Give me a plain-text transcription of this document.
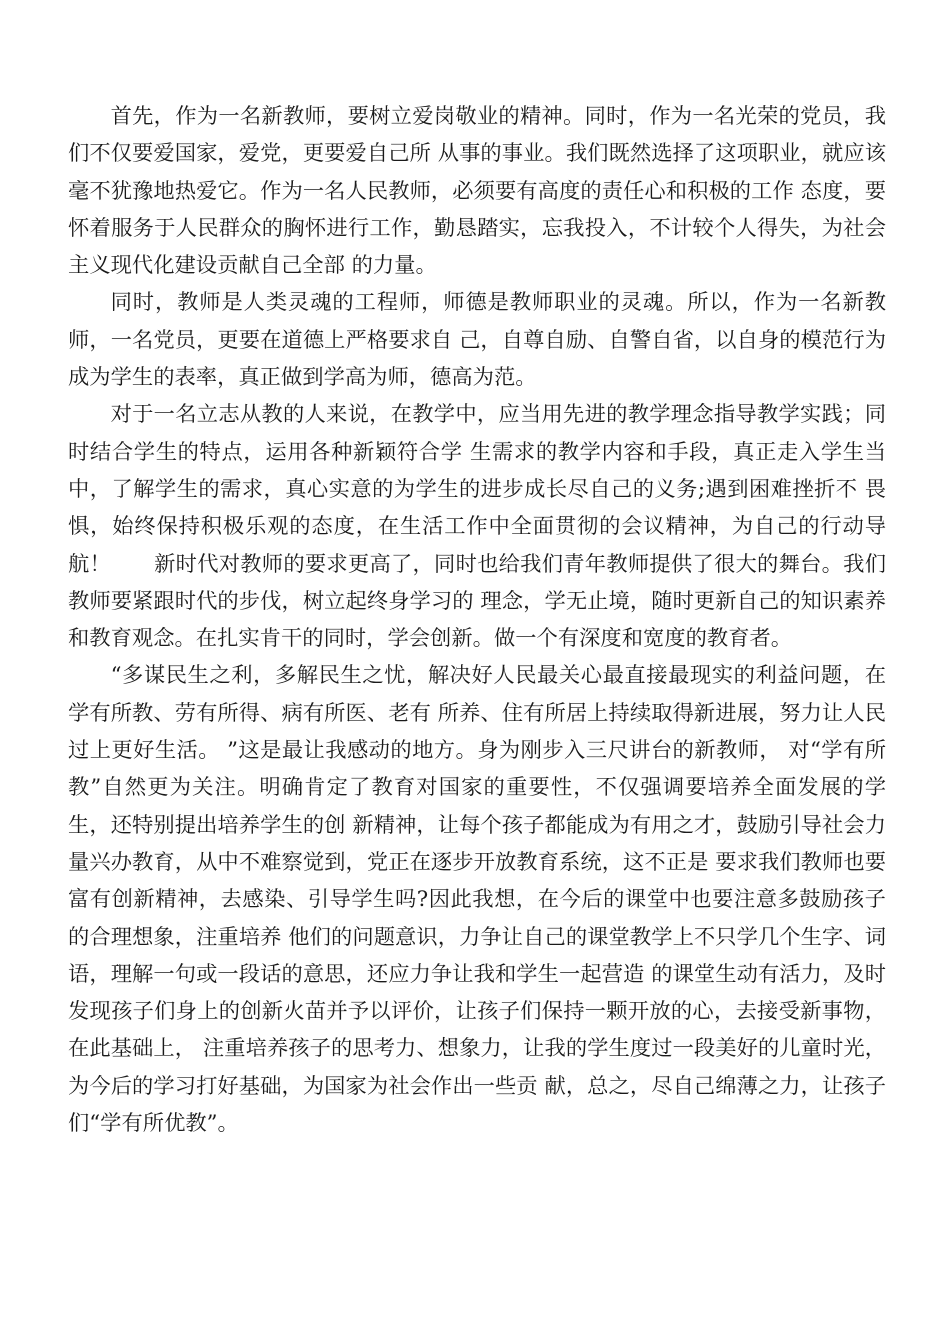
首先，作为一名新教师，要树立爱岗敬业的精神。同时，作为一名光荣的党员，我们不仅要爱国家，爱党，更要爱自己所 从事的事业。我们既然选择了这项职业，就应该毫不犹豫地热爱它。作为一名人民教师，必须要有高度的责任心和积极的工作 态度，要怀着服务于人民群众的胸怀进行工作，勤恳踏实，忘我投入，不计较个人得失，为社会主义现代化建设贡献自己全部 的力量。

同时，教师是人类灵魂的工程师，师德是教师职业的灵魂。所以，作为一名新教师，一名党员，更要在道德上严格要求自 己，自尊自励、自警自省，以自身的模范行为成为学生的表率，真正做到学高为师，德高为范。

对于一名立志从教的人来说，在教学中，应当用先进的教学理念指导教学实践；同时结合学生的特点，运用各种新颖符合学 生需求的教学内容和手段，真正走入学生当中，了解学生的需求，真心实意的为学生的进步成长尽自己的义务;遇到困难挫折不 畏惧，始终保持积极乐观的态度，在生活工作中全面贯彻的会议精神，为自己的行动导航！　　新时代对教师的要求更高了，同时也给我们青年教师提供了很大的舞台。我们教师要紧跟时代的步伐，树立起终身学习的 理念，学无止境，随时更新自己的知识素养和教育观念。在扎实肯干的同时，学会创新。做一个有深度和宽度的教育者。

“多谋民生之利，多解民生之忧，解决好人民最关心最直接最现实的利益问题，在学有所教、劳有所得、病有所医、老有 所养、住有所居上持续取得新进展，努力让人民过上更好生活。 ”这是最让我感动的地方。身为刚步入三尺讲台的新教师， 对“学有所教”自然更为关注。明确肯定了教育对国家的重要性，不仅强调要培养全面发展的学生，还特别提出培养学生的创 新精神，让每个孩子都能成为有用之才，鼓励引导社会力量兴办教育，从中不难察觉到，党正在逐步开放教育系统，这不正是 要求我们教师也要富有创新精神，去感染、引导学生吗?因此我想，在今后的课堂中也要注意多鼓励孩子的合理想象，注重培养 他们的问题意识，力争让自己的课堂教学上不只学几个生字、词语，理解一句或一段话的意思，还应力争让我和学生一起营造 的课堂生动有活力，及时发现孩子们身上的创新火苗并予以评价，让孩子们保持一颗开放的心，去接受新事物，在此基础上， 注重培养孩子的思考力、想象力，让我的学生度过一段美好的儿童时光，为今后的学习打好基础，为国家为社会作出一些贡 献，总之，尽自己绵薄之力，让孩子们“学有所优教”。
